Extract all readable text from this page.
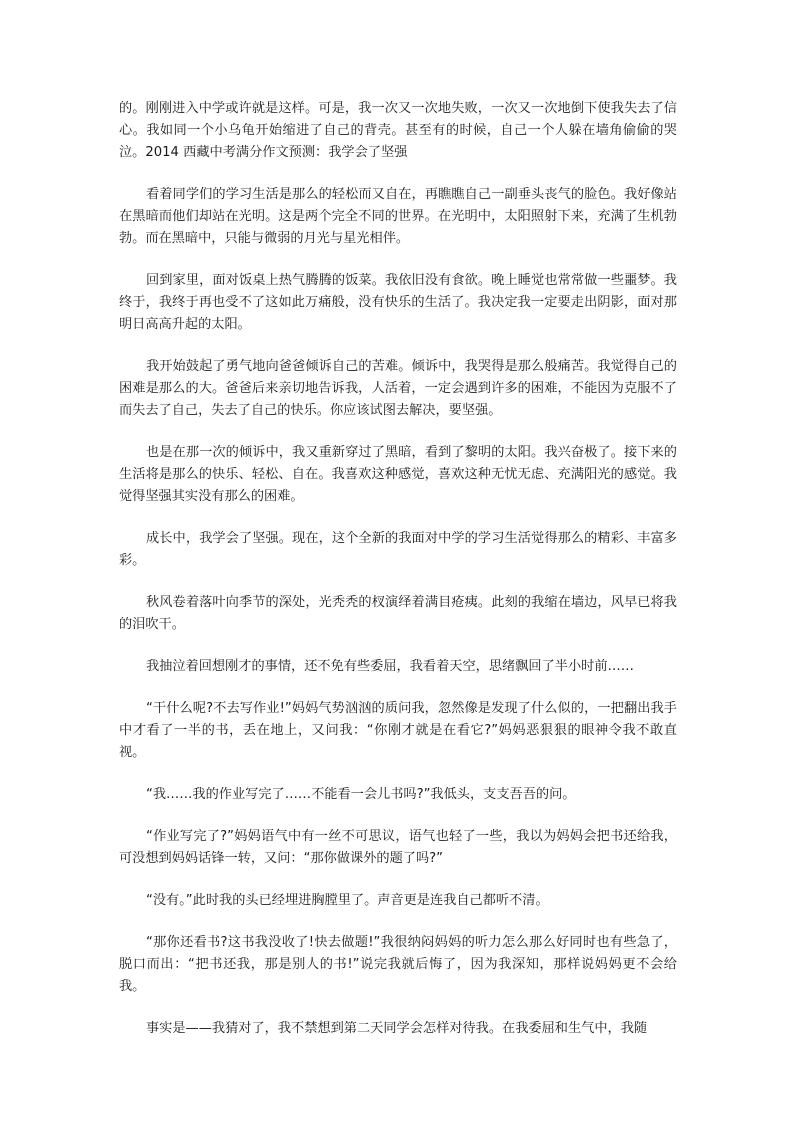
的。刚刚进入中学或许就是这样。可是，我一次又一次地失败，一次又一次地倒下使我失去了信心。我如同一个小乌龟开始缩进了自己的背壳。甚至有的时候，自己一个人躲在墙角偷偷的哭泣。2014 西藏中考满分作文预测：我学会了坚强

看着同学们的学习生活是那么的轻松而又自在，再瞧瞧自己一副垂头丧气的脸色。我好像站在黑暗而他们却站在光明。这是两个完全不同的世界。在光明中，太阳照射下来，充满了生机勃勃。而在黑暗中，只能与微弱的月光与星光相伴。

回到家里，面对饭桌上热气腾腾的饭菜。我依旧没有食欲。晚上睡觉也常常做一些噩梦。我终于，我终于再也受不了这如此万痛般，没有快乐的生活了。我决定我一定要走出阴影，面对那明日高高升起的太阳。

我开始鼓起了勇气地向爸爸倾诉自己的苦难。倾诉中，我哭得是那么般痛苦。我觉得自己的困难是那么的大。爸爸后来亲切地告诉我，人活着，一定会遇到许多的困难，不能因为克服不了而失去了自己，失去了自己的快乐。你应该试图去解决，要坚强。

也是在那一次的倾诉中，我又重新穿过了黑暗，看到了黎明的太阳。我兴奋极了。接下来的生活将是那么的快乐、轻松、自在。我喜欢这种感觉，喜欢这种无忧无虑、充满阳光的感觉。我觉得坚强其实没有那么的困难。

成长中，我学会了坚强。现在，这个全新的我面对中学的学习生活觉得那么的精彩、丰富多彩。

秋风卷着落叶向季节的深处，光秃秃的杈演绎着满目疮痍。此刻的我缩在墙边，风早已将我的泪吹干。

我抽泣着回想刚才的事情，还不免有些委屈，我看着天空，思绪飘回了半小时前……

“干什么呢?不去写作业!”妈妈气势汹汹的质问我，忽然像是发现了什么似的，一把翻出我手中才看了一半的书，丢在地上，又问我：“你刚才就是在看它?”妈妈恶狠狠的眼神令我不敢直视。

“我……我的作业写完了……不能看一会儿书吗?”我低头，支支吾吾的问。

“作业写完了?”妈妈语气中有一丝不可思议，语气也轻了一些，我以为妈妈会把书还给我，可没想到妈妈话锋一转，又问：“那你做课外的题了吗?”

“没有。”此时我的头已经埋进胸膛里了。声音更是连我自己都听不清。

“那你还看书?这书我没收了!快去做题!”我很纳闷妈妈的听力怎么那么好同时也有些急了，脱口而出：“把书还我，那是别人的书!”说完我就后悔了，因为我深知，那样说妈妈更不会给我。

事实是——我猜对了，我不禁想到第二天同学会怎样对待我。在我委屈和生气中，我随
